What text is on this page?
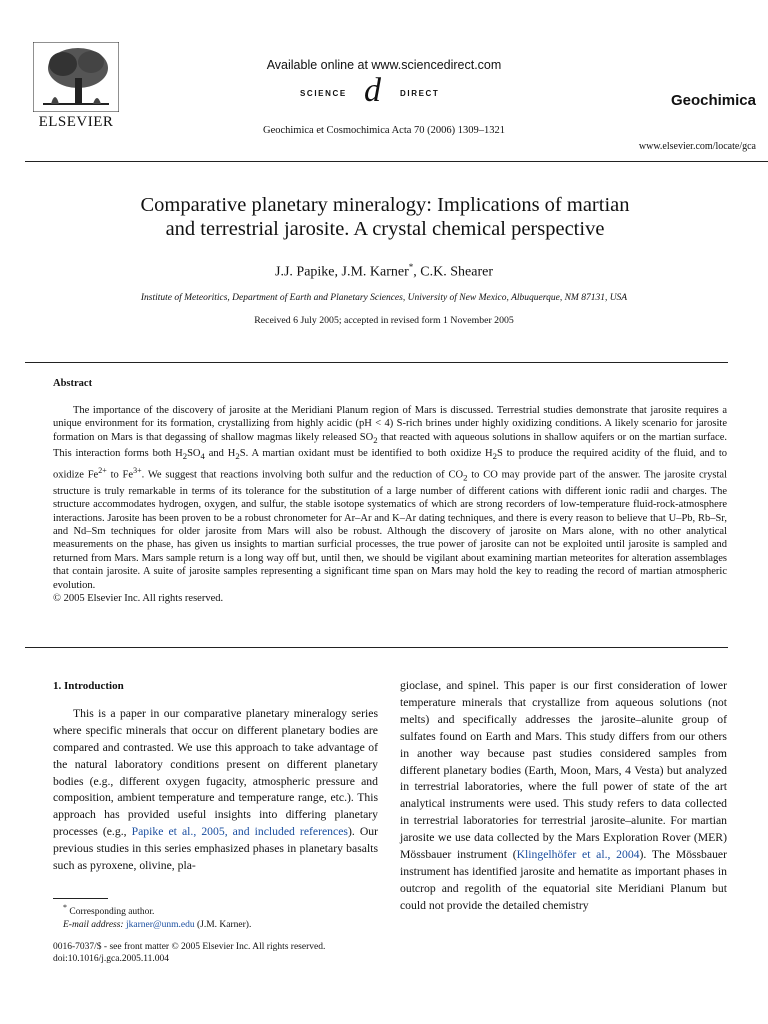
ELSEVIER
Available online at www.sciencedirect.com
SCIENCE d DIRECT
Geochimica et Cosmochimica Acta 70 (2006) 1309–1321
Geochimica
www.elsevier.com/locate/gca
Comparative planetary mineralogy: Implications of martian
and terrestrial jarosite. A crystal chemical perspective
J.J. Papike, J.M. Karner*, C.K. Shearer
Institute of Meteoritics, Department of Earth and Planetary Sciences, University of New Mexico, Albuquerque, NM 87131, USA
Received 6 July 2005; accepted in revised form 1 November 2005
Abstract

The importance of the discovery of jarosite at the Meridiani Planum region of Mars is discussed. Terrestrial studies demonstrate that jarosite requires a unique environment for its formation, crystallizing from highly acidic (pH < 4) S-rich brines under highly oxidizing conditions. A likely scenario for jarosite formation on Mars is that degassing of shallow magmas likely released $SO_2$ that reacted with aqueous solutions in shallow aquifers or on the martian surface. This interaction forms both $H_2SO_4$ and $H_2S$. A martian oxidant must be identified to both oxidize $H_2S$ to produce the required acidity of the fluid, and to oxidize $Fe^{2+}$ to $Fe^{3+}$. We suggest that reactions involving both sulfur and the reduction of $CO_2$ to CO may provide part of the answer. The jarosite crystal structure is truly remarkable in terms of its tolerance for the substitution of a large number of different cations with different ionic radii and charges. The structure accommodates hydrogen, oxygen, and sulfur, the stable isotope systematics of which are strong recorders of low-temperature fluid-rock-atmosphere interactions. Jarosite has been proven to be a robust chronometer for Ar–Ar and K–Ar dating techniques, and there is every reason to believe that U–Pb, Rb–Sr, and Nd–Sm techniques for older jarosite from Mars will also be robust. Although the discovery of jarosite on Mars alone, with no other analytical measurements on the phase, has given us insights to martian surficial processes, the true power of jarosite can not be exploited until jarosite is sampled and returned from Mars. Mars sample return is a long way off but, until then, we should be vigilant about examining martian meteorites for alteration assemblages that contain jarosite. A suite of jarosite samples representing a significant time span on Mars may hold the key to reading the record of martian atmospheric evolution.

© 2005 Elsevier Inc. All rights reserved.

1. Introduction

This is a paper in our comparative planetary mineralogy series where specific minerals that occur on different planetary bodies are compared and contrasted. We use this approach to take advantage of the natural laboratory conditions present on different planetary bodies (e.g., different oxygen fugacity, atmospheric pressure and composition, ambient temperature and temperature range, etc.). This approach has provided useful insights into differing planetary processes (e.g., Papike et al., 2005, and included references). Our previous studies in this series emphasized phases in planetary basalts such as pyroxene, olivine, pla-

gioclase, and spinel. This paper is our first consideration of lower temperature minerals that crystallize from aqueous solutions (not melts) and specifically addresses the jarosite–alunite group of sulfates found on Earth and Mars. This study differs from our others in another way because past studies considered samples from different planetary bodies (Earth, Moon, Mars, 4 Vesta) but analyzed in terrestrial laboratories, where the full power of state of the art analytical instruments were used. This study refers to data collected in terrestrial laboratories for terrestrial jarosite–alunite. For martian jarosite we use data collected by the Mars Exploration Rover (MER) Mössbauer instrument (Klingelhöfer et al., 2004). The Mössbauer instrument has identified jarosite and hematite as important phases in outcrop and regolith of the equatorial site Meridiani Planum but could not provide the detailed chemistry

* Corresponding author.

E-mail address: jkarner@unm.edu (J.M. Karner).

0016-7037/$ - see front matter © 2005 Elsevier Inc. All rights reserved.

doi:10.1016/j.gca.2005.11.004
